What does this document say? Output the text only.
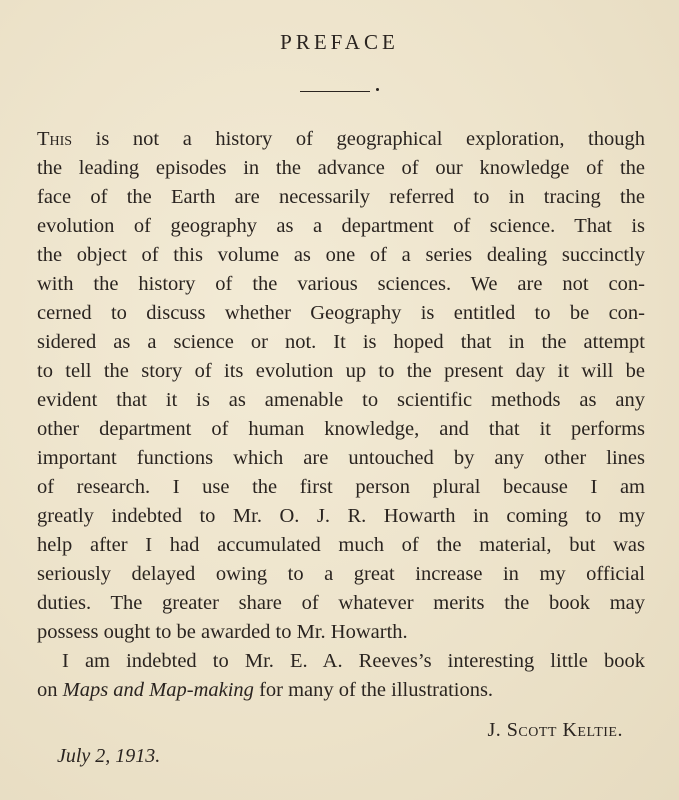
PREFACE
This is not a history of geographical exploration, though
the leading episodes in the advance of our knowledge of the
face of the Earth are necessarily referred to in tracing the
evolution of geography as a department of science. That is
the object of this volume as one of a series dealing succinctly
with the history of the various sciences. We are not con-
cerned to discuss whether Geography is entitled to be con-
sidered as a science or not. It is hoped that in the attempt
to tell the story of its evolution up to the present day it will be
evident that it is as amenable to scientific methods as any
other department of human knowledge, and that it performs
important functions which are untouched by any other lines
of research. I use the first person plural because I am
greatly indebted to Mr. O. J. R. Howarth in coming to my
help after I had accumulated much of the material, but was
seriously delayed owing to a great increase in my official
duties. The greater share of whatever merits the book may
possess ought to be awarded to Mr. Howarth.
I am indebted to Mr. E. A. Reeves’s interesting little book
on Maps and Map-making for many of the illustrations.
J. Scott Keltie.
July 2, 1913.
